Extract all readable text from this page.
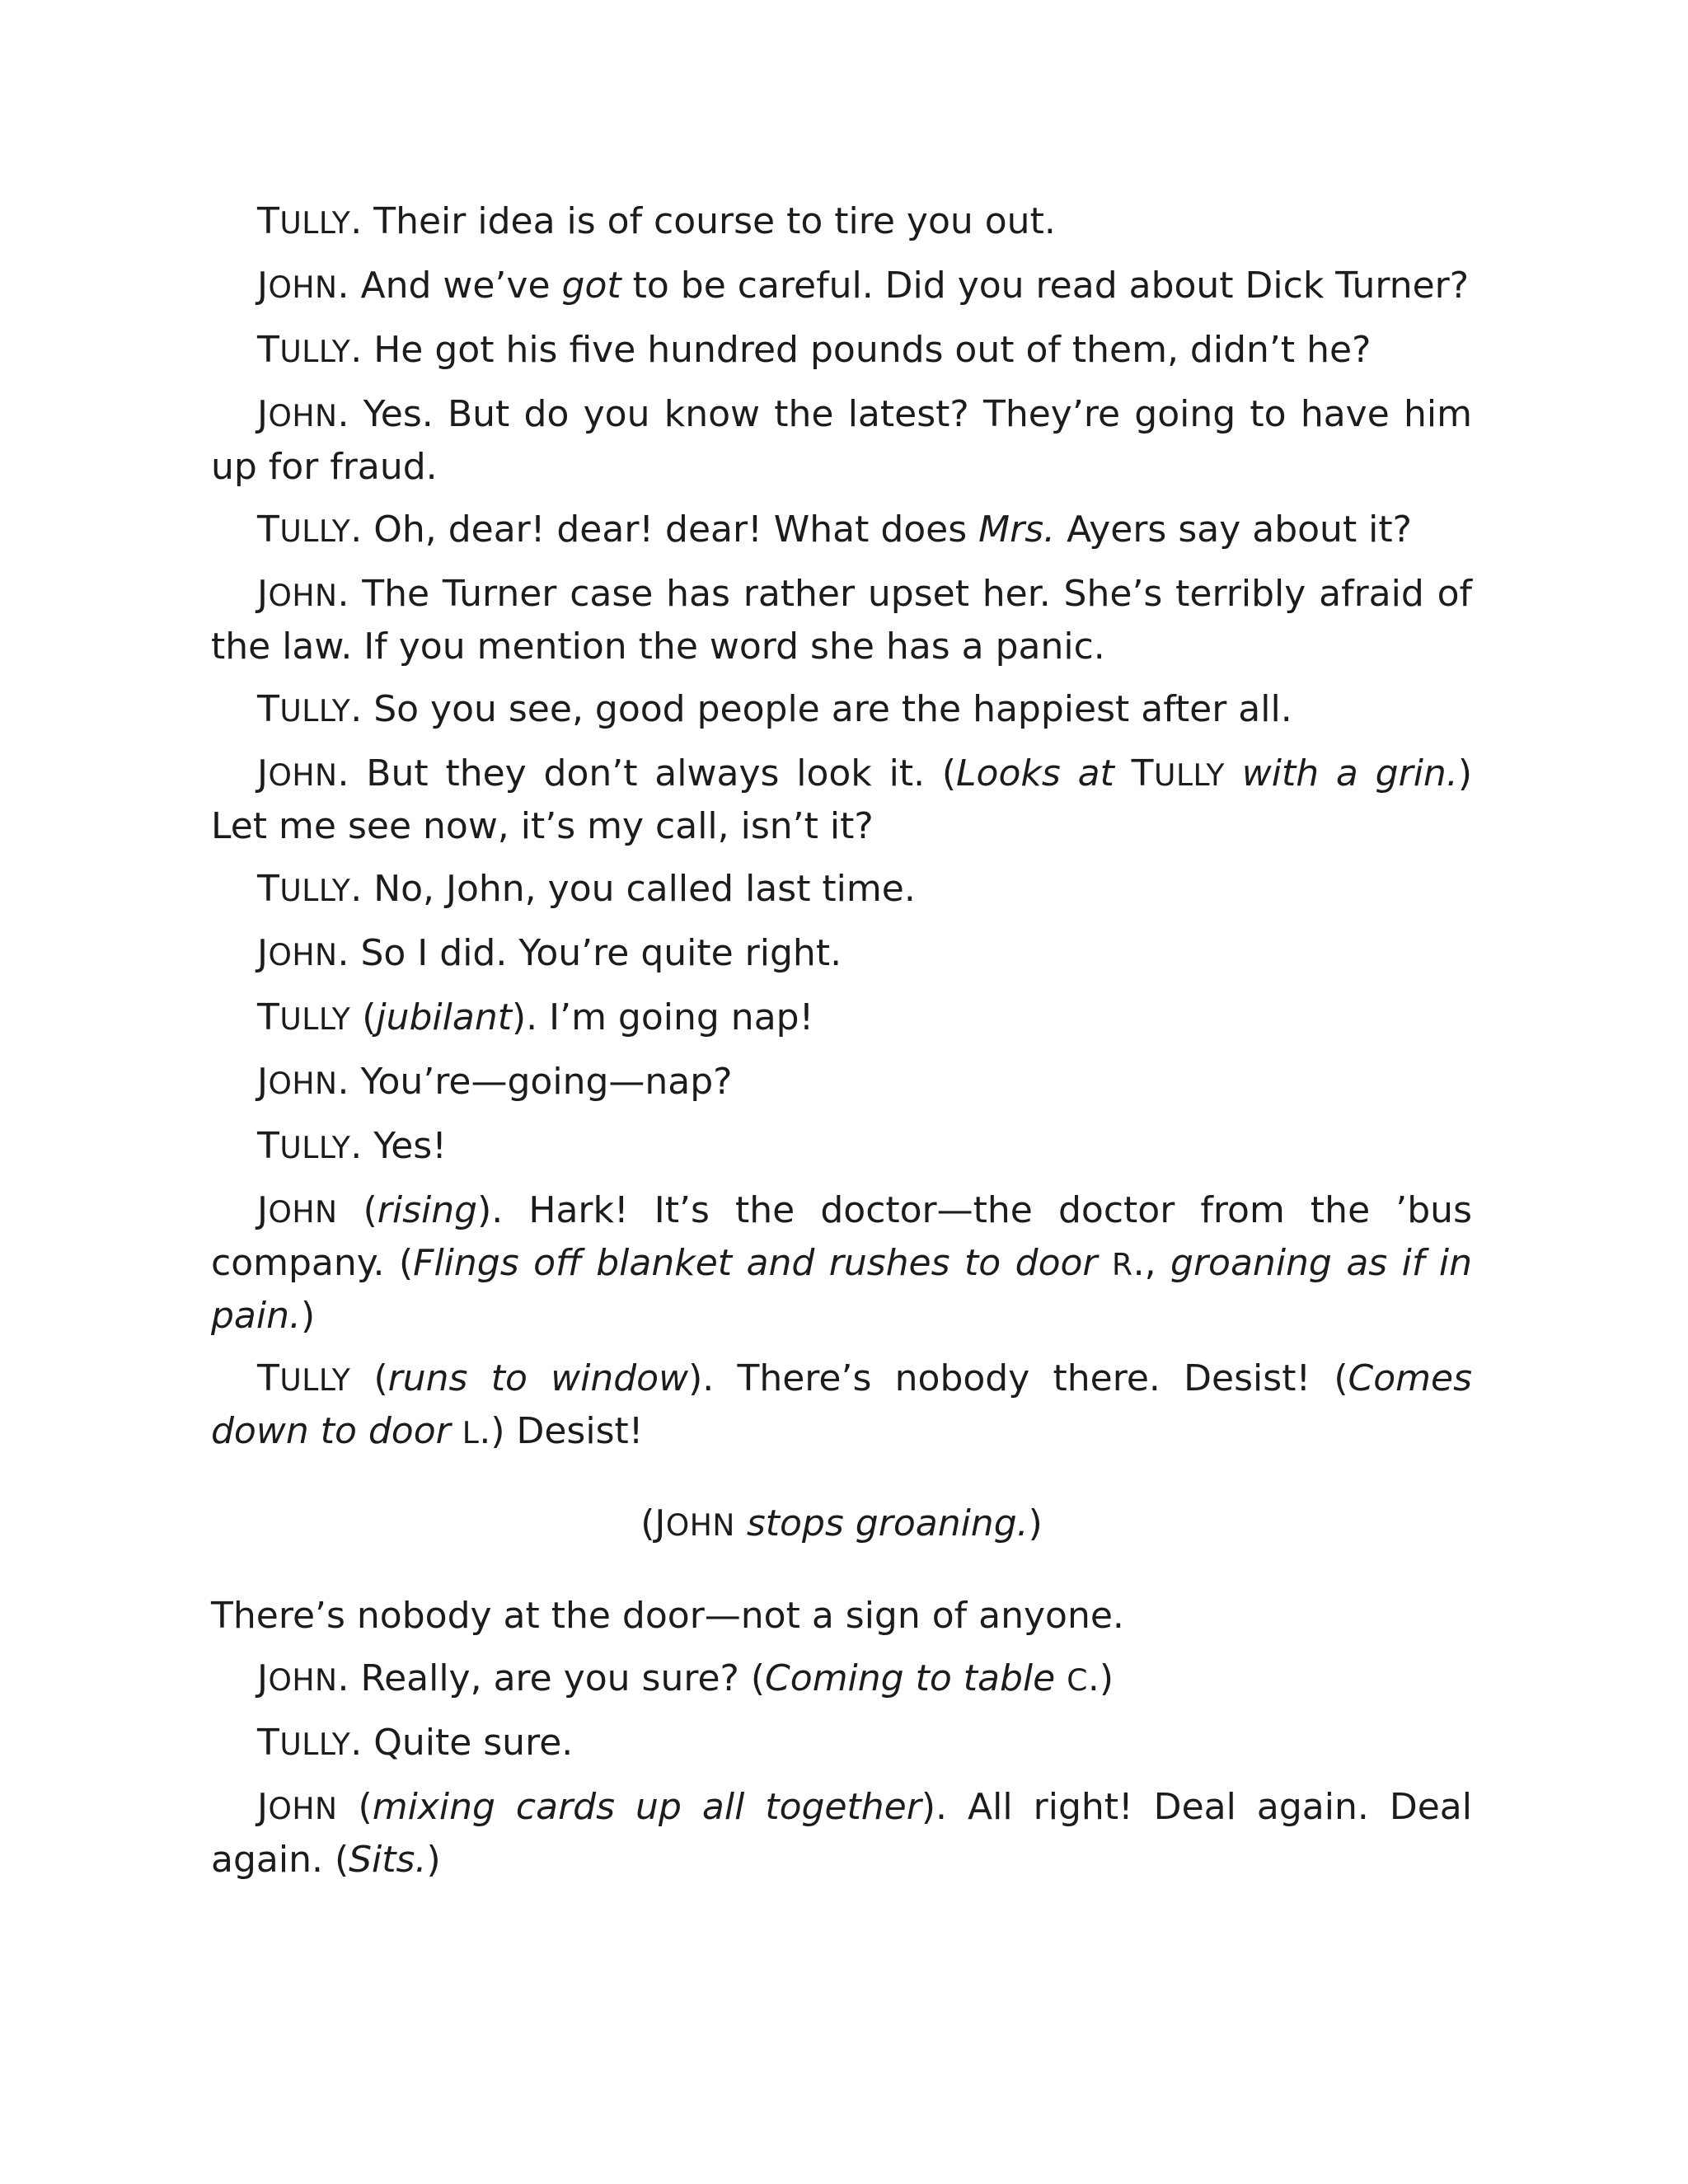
TULLY. Their idea is of course to tire you out.

JOHN. And we’ve got to be careful. Did you read about Dick Turner?

TULLY. He got his five hundred pounds out of them, didn’t he?

JOHN. Yes. But do you know the latest? They’re going to have him up for fraud.

TULLY. Oh, dear! dear! dear! What does Mrs. Ayers say about it?

JOHN. The Turner case has rather upset her. She’s terribly afraid of the law. If you mention the word she has a panic.

TULLY. So you see, good people are the happiest after all.

JOHN. But they don’t always look it. (Looks at TULLY with a grin.) Let me see now, it’s my call, isn’t it?

TULLY. No, John, you called last time.

JOHN. So I did. You’re quite right.

TULLY (jubilant). I’m going nap!

JOHN. You’re—going—nap?

TULLY. Yes!

JOHN (rising). Hark! It’s the doctor—the doctor from the ’bus company. (Flings off blanket and rushes to door R., groaning as if in pain.)

TULLY (runs to window). There’s nobody there. Desist! (Comes down to door L.) Desist!

(JOHN stops groaning.)

There’s nobody at the door—not a sign of anyone.

JOHN. Really, are you sure? (Coming to table C.)

TULLY. Quite sure.

JOHN (mixing cards up all together). All right! Deal again. Deal again. (Sits.)
